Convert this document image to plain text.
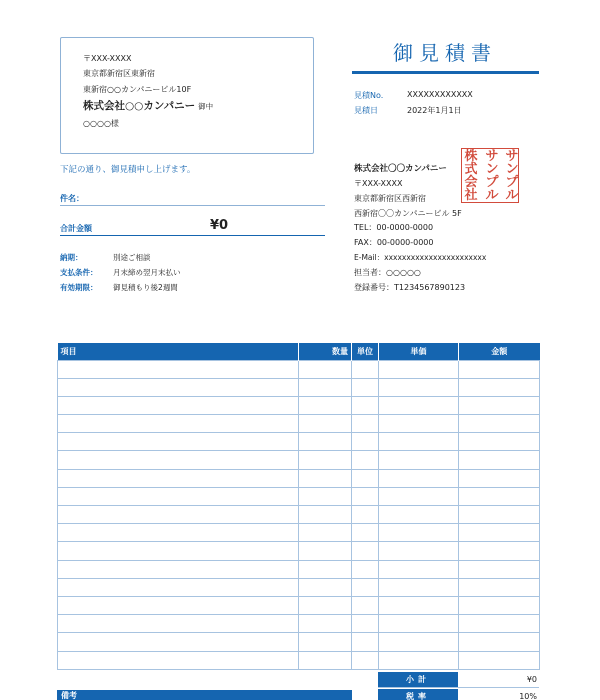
〒XXX-XXXX
東京都新宿区東新宿
東新宿○○カンパニービル10F
株式会社○○カンパニー 御中
○○○○様
御見積書
見積No.	XXXXXXXXXXXX
見積日	2022年1月1日
下記の通り、御見積申し上げます。
件名：
合計金額	¥0
納期：	別途ご相談
支払条件： 月末締め翌月末払い
有効期限： 御見積もり後2週間
株式会社〇〇カンパニー
〒XXX-XXXX
東京都新宿区西新宿
西新宿〇〇カンパニービル 5F
TEL：00-0000-0000
FAX：00-0000-0000
E-Mail：xxxxxxxxxxxxxxxxxxxxxxx
担当者：○○○○○
登録番号：T1234567890123
サ
ン
プ
ル
サ
ン
プ
ル
株
式
会
社
項目	数量	単位	単価	金額

小計	¥0
税率	10%
備考
